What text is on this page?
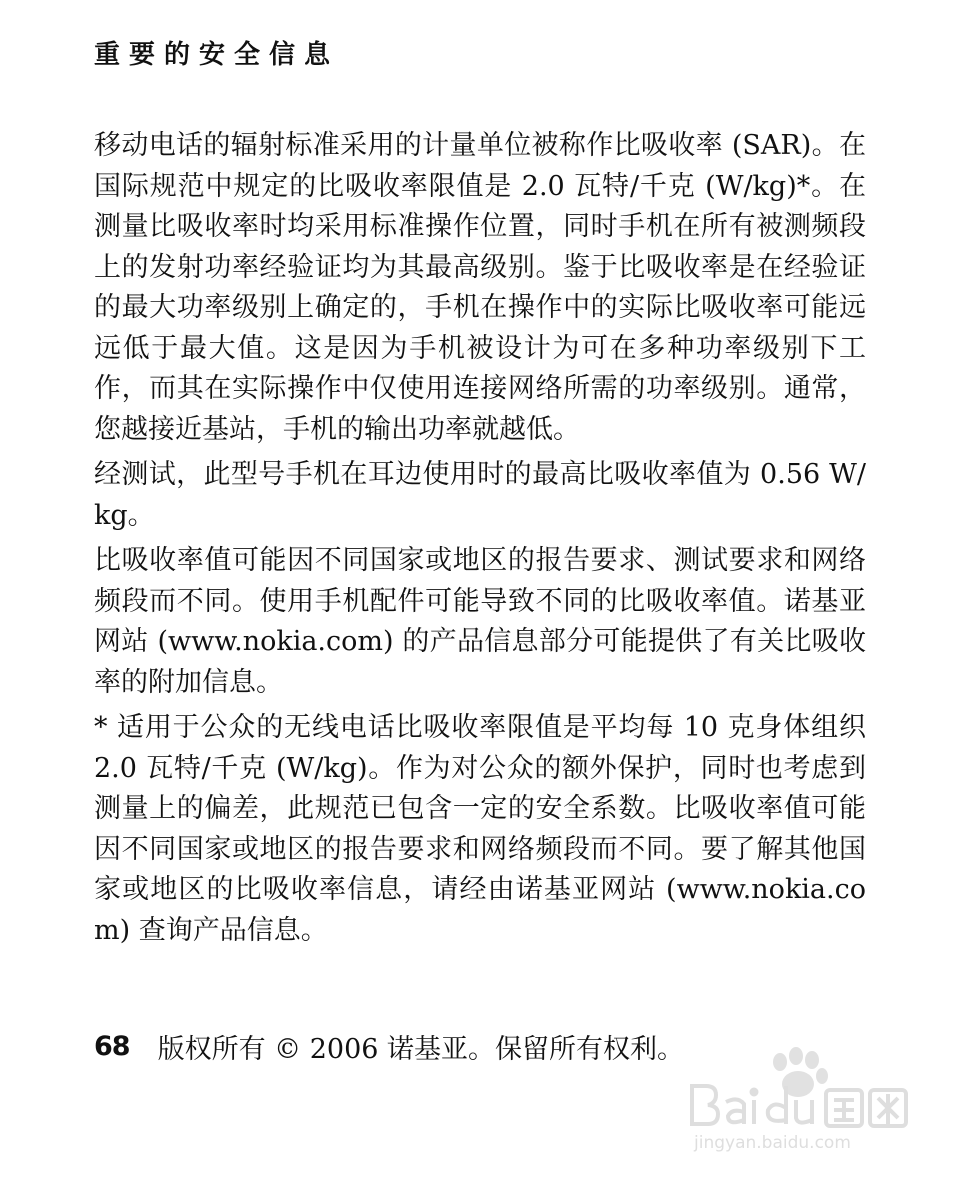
重要的安全信息

移动电话的辐射标准采用的计量单位被称作比吸收率 (SAR)。在国际规范中规定的比吸收率限值是 2.0 瓦特/千克 (W/kg)*。在测量比吸收率时均采用标准操作位置，同时手机在所有被测频段上的发射功率经验证均为其最高级别。鉴于比吸收率是在经验证的最大功率级别上确定的，手机在操作中的实际比吸收率可能远远低于最大值。这是因为手机被设计为可在多种功率级别下工作，而其在实际操作中仅使用连接网络所需的功率级别。通常，您越接近基站，手机的输出功率就越低。

经测试，此型号手机在耳边使用时的最高比吸收率值为 0.56 W/kg。

比吸收率值可能因不同国家或地区的报告要求、测试要求和网络频段而不同。使用手机配件可能导致不同的比吸收率值。诺基亚网站 (www.nokia.com) 的产品信息部分可能提供了有关比吸收率的附加信息。

* 适用于公众的无线电话比吸收率限值是平均每 10 克身体组织 2.0 瓦特/千克 (W/kg)。作为对公众的额外保护，同时也考虑到测量上的偏差，此规范已包含一定的安全系数。比吸收率值可能因不同国家或地区的报告要求和网络频段而不同。要了解其他国家或地区的比吸收率信息，请经由诺基亚网站 (www.nokia.com) 查询产品信息。

68 版权所有 © 2006 诺基亚。保留所有权利。
jingyan.baidu.com
